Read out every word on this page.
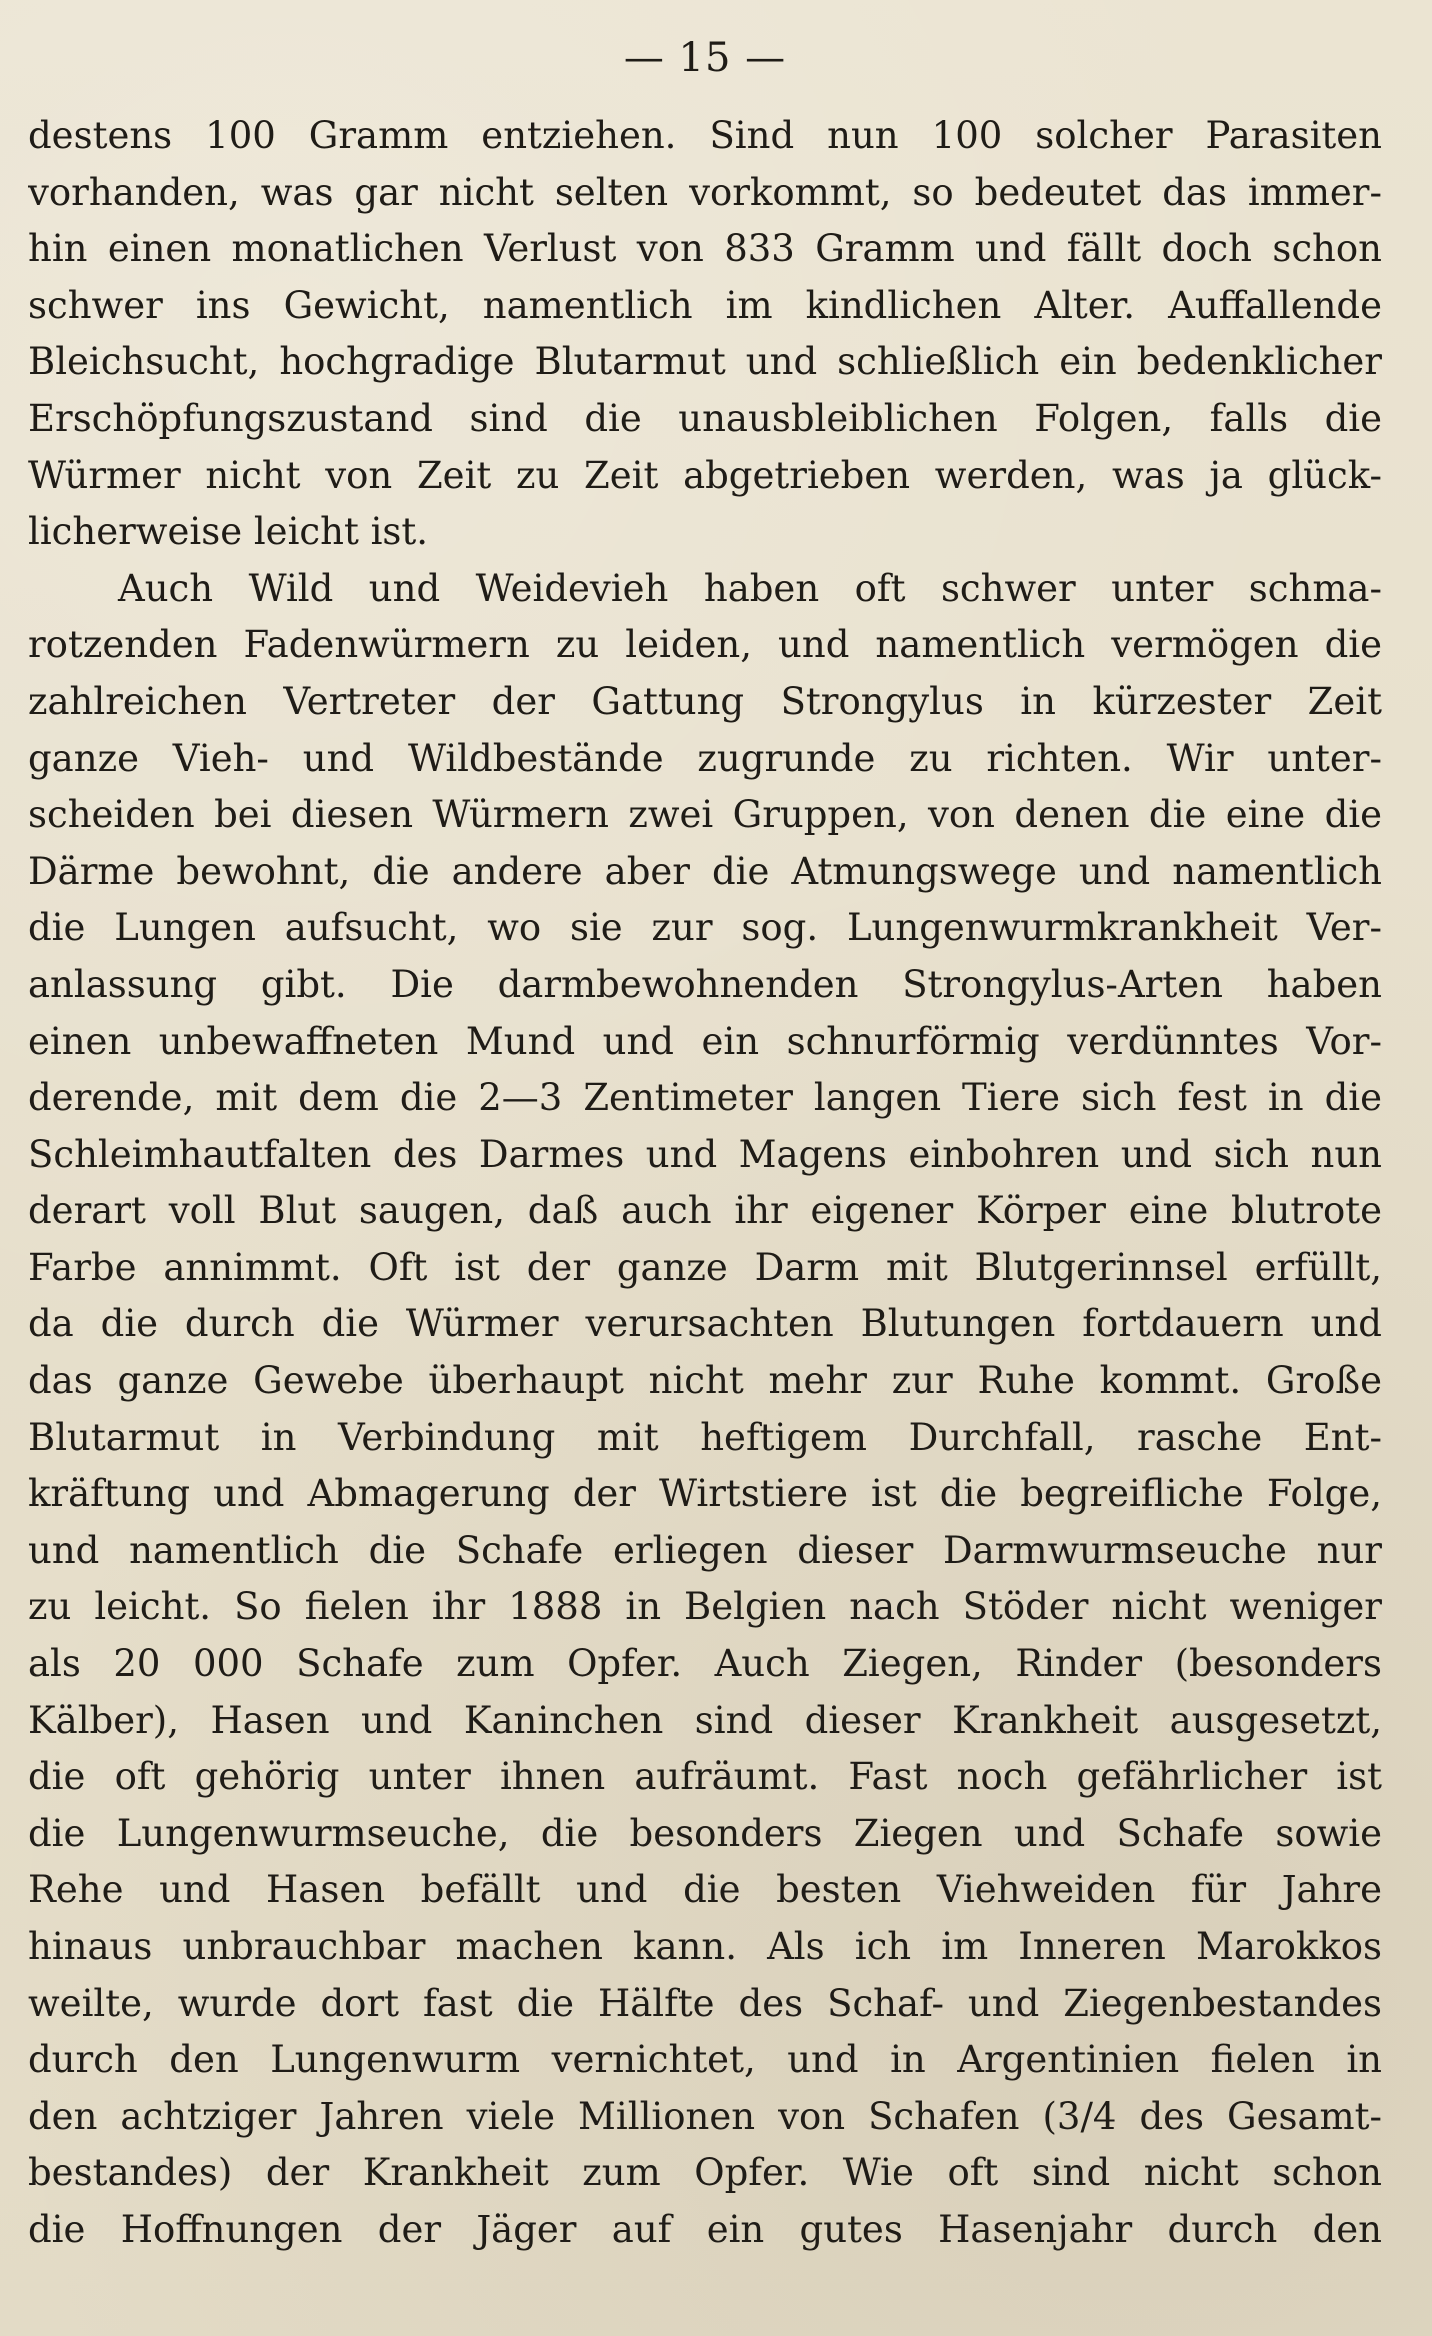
— 15 —
destens 100 Gramm entziehen. Sind nun 100 solcher Parasiten
vorhanden, was gar nicht selten vorkommt, so bedeutet das immer-
hin einen monatlichen Verlust von 833 Gramm und fällt doch schon
schwer ins Gewicht, namentlich im kindlichen Alter. Auffallende
Bleichsucht, hochgradige Blutarmut und schließlich ein bedenklicher
Erschöpfungszustand sind die unausbleiblichen Folgen, falls die
Würmer nicht von Zeit zu Zeit abgetrieben werden, was ja glück-
licherweise leicht ist.
Auch Wild und Weidevieh haben oft schwer unter schma-
rotzenden Fadenwürmern zu leiden, und namentlich vermögen die
zahlreichen Vertreter der Gattung Strongylus in kürzester Zeit
ganze Vieh- und Wildbestände zugrunde zu richten. Wir unter-
scheiden bei diesen Würmern zwei Gruppen, von denen die eine die
Därme bewohnt, die andere aber die Atmungswege und namentlich
die Lungen aufsucht, wo sie zur sog. Lungenwurmkrankheit Ver-
anlassung gibt. Die darmbewohnenden Strongylus-Arten haben
einen unbewaffneten Mund und ein schnurförmig verdünntes Vor-
derende, mit dem die 2—3 Zentimeter langen Tiere sich fest in die
Schleimhautfalten des Darmes und Magens einbohren und sich nun
derart voll Blut saugen, daß auch ihr eigener Körper eine blutrote
Farbe annimmt. Oft ist der ganze Darm mit Blutgerinnsel erfüllt,
da die durch die Würmer verursachten Blutungen fortdauern und
das ganze Gewebe überhaupt nicht mehr zur Ruhe kommt. Große
Blutarmut in Verbindung mit heftigem Durchfall, rasche Ent-
kräftung und Abmagerung der Wirtstiere ist die begreifliche Folge,
und namentlich die Schafe erliegen dieser Darmwurmseuche nur
zu leicht. So fielen ihr 1888 in Belgien nach Stöder nicht weniger
als 20 000 Schafe zum Opfer. Auch Ziegen, Rinder (besonders
Kälber), Hasen und Kaninchen sind dieser Krankheit ausgesetzt,
die oft gehörig unter ihnen aufräumt. Fast noch gefährlicher ist
die Lungenwurmseuche, die besonders Ziegen und Schafe sowie
Rehe und Hasen befällt und die besten Viehweiden für Jahre
hinaus unbrauchbar machen kann. Als ich im Inneren Marokkos
weilte, wurde dort fast die Hälfte des Schaf- und Ziegenbestandes
durch den Lungenwurm vernichtet, und in Argentinien fielen in
den achtziger Jahren viele Millionen von Schafen (3/4 des Gesamt-
bestandes) der Krankheit zum Opfer. Wie oft sind nicht schon
die Hoffnungen der Jäger auf ein gutes Hasenjahr durch den
